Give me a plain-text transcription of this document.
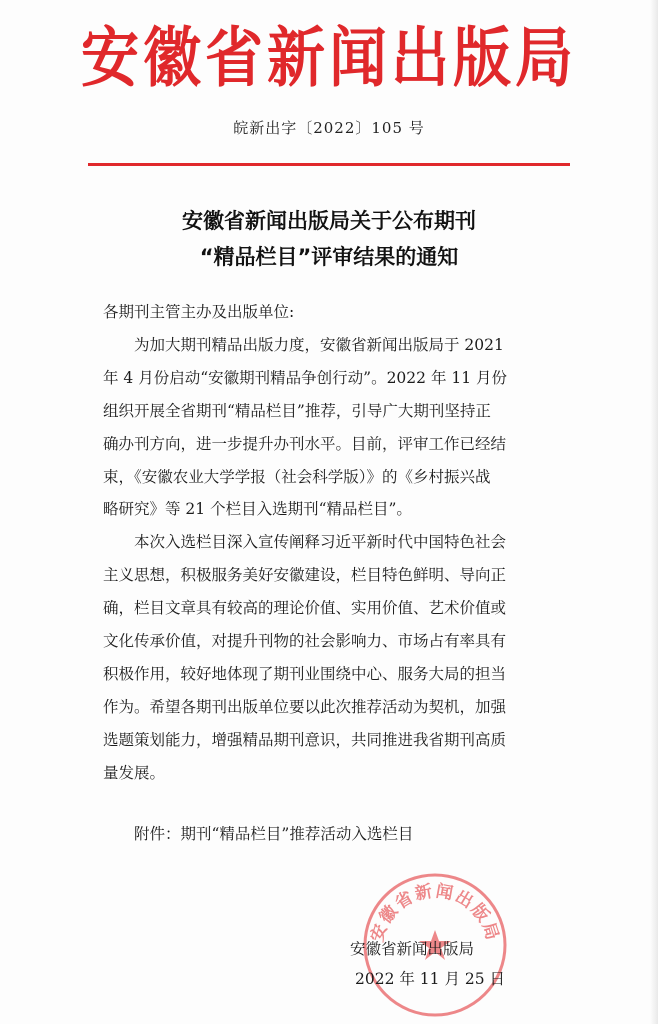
安徽省新闻出版局
皖新出字〔2022〕105 号
安徽省新闻出版局关于公布期刊
“精品栏目”评审结果的通知
各期刊主管主办及出版单位:
为加大期刊精品出版力度，安徽省新闻出版局于 2021
年 4 月份启动“安徽期刊精品争创行动”。2022 年 11 月份
组织开展全省期刊“精品栏目”推荐，引导广大期刊坚持正
确办刊方向，进一步提升办刊水平。目前，评审工作已经结
束，《安徽农业大学学报（社会科学版）》的《乡村振兴战
略研究》等 21 个栏目入选期刊“精品栏目”。
本次入选栏目深入宣传阐释习近平新时代中国特色社会
主义思想，积极服务美好安徽建设，栏目特色鲜明、导向正
确，栏目文章具有较高的理论价值、实用价值、艺术价值或
文化传承价值，对提升刊物的社会影响力、市场占有率具有
积极作用，较好地体现了期刊业围绕中心、服务大局的担当
作为。希望各期刊出版单位要以此次推荐活动为契机，加强
选题策划能力，增强精品期刊意识，共同推进我省期刊高质
量发展。
附件：期刊“精品栏目”推荐活动入选栏目
安徽省新闻出版局
安徽省新闻出版局
2022 年 11 月 25 日
